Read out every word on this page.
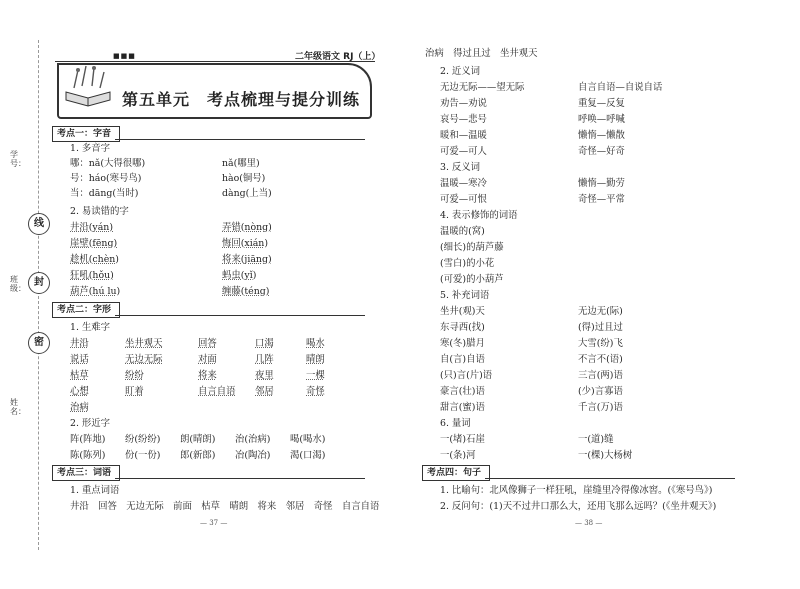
学号：
班级：
姓名：
线
封
密
■■■	二年级语文 RJ（上）
第五单元　考点梳理与提分训练
考点一：字音
1. 多音字
哪：nǎ(大得很哪)	nǎ(哪里)
号：háo(寒号鸟)	hào(铜号)
当：dāng(当时)	dàng(上当)
2. 易读错的字
井沿(yán)	弄错(nòng)
崖壁(fēng)	悔回(xián)
趁机(chèn)	将来(jiāng)
狂吼(hǒu)	蚂虫(yǐ)
葫芦(hú lu)	缠藤(téng)
考点二：字形
1. 生难字
井沿	坐井观天	回答	口渴	喝水
说话	无边无际	对面	几阵	晴朗
枯草	纷纷	将来	夜里	一棵
心想	盯着	自言自语 邻居	奇怪
治病
2. 形近字
阵(阵地) 纷(纷纷) 朗(晴朗) 治(治病) 喝(喝水)
陈(陈列) 份(一份) 郎(新郎) 冶(陶冶) 渴(口渴)
考点三：词语
1. 重点词语
井沿　回答　无边无际　前面　枯草　晴朗　将来　邻居　奇怪　自言自语
— 37 —
治病　得过且过　坐井观天
2. 近义词
无边无际——望无际	自言自语—自说自话
劝告—劝说	重复—反复
哀号—悲号	呼唤—呼喊
暖和—温暖	懒惰—懒散
可爱—可人	奇怪—好奇
3. 反义词
温暖—寒冷	懒惰—勤劳
可爱—可恨	奇怪—平常
4. 表示修饰的词语
温暖的(窝)
(细长)的葫芦藤
(雪白)的小花
(可爱)的小葫芦
5. 补充词语
坐井(观)天	无边无(际)
东寻西(找)	(得)过且过
寒(冬)腊月	大雪(纷)飞
自(言)自语	不言不(语)
(只)言(片)语	三言(两)语
豪言(壮)语	(少)言寡语
甜言(蜜)语	千言(万)语
6. 量词
一(堵)石崖	一(道)缝
一(条)河	一(棵)大杨树
考点四：句子
1. 比喻句：北风像狮子一样狂吼，崖缝里冷得像冰窖。(《寒号鸟》)
2. 反问句：(1)天不过井口那么大，还用飞那么远吗？(《坐井观天》)
— 38 —
